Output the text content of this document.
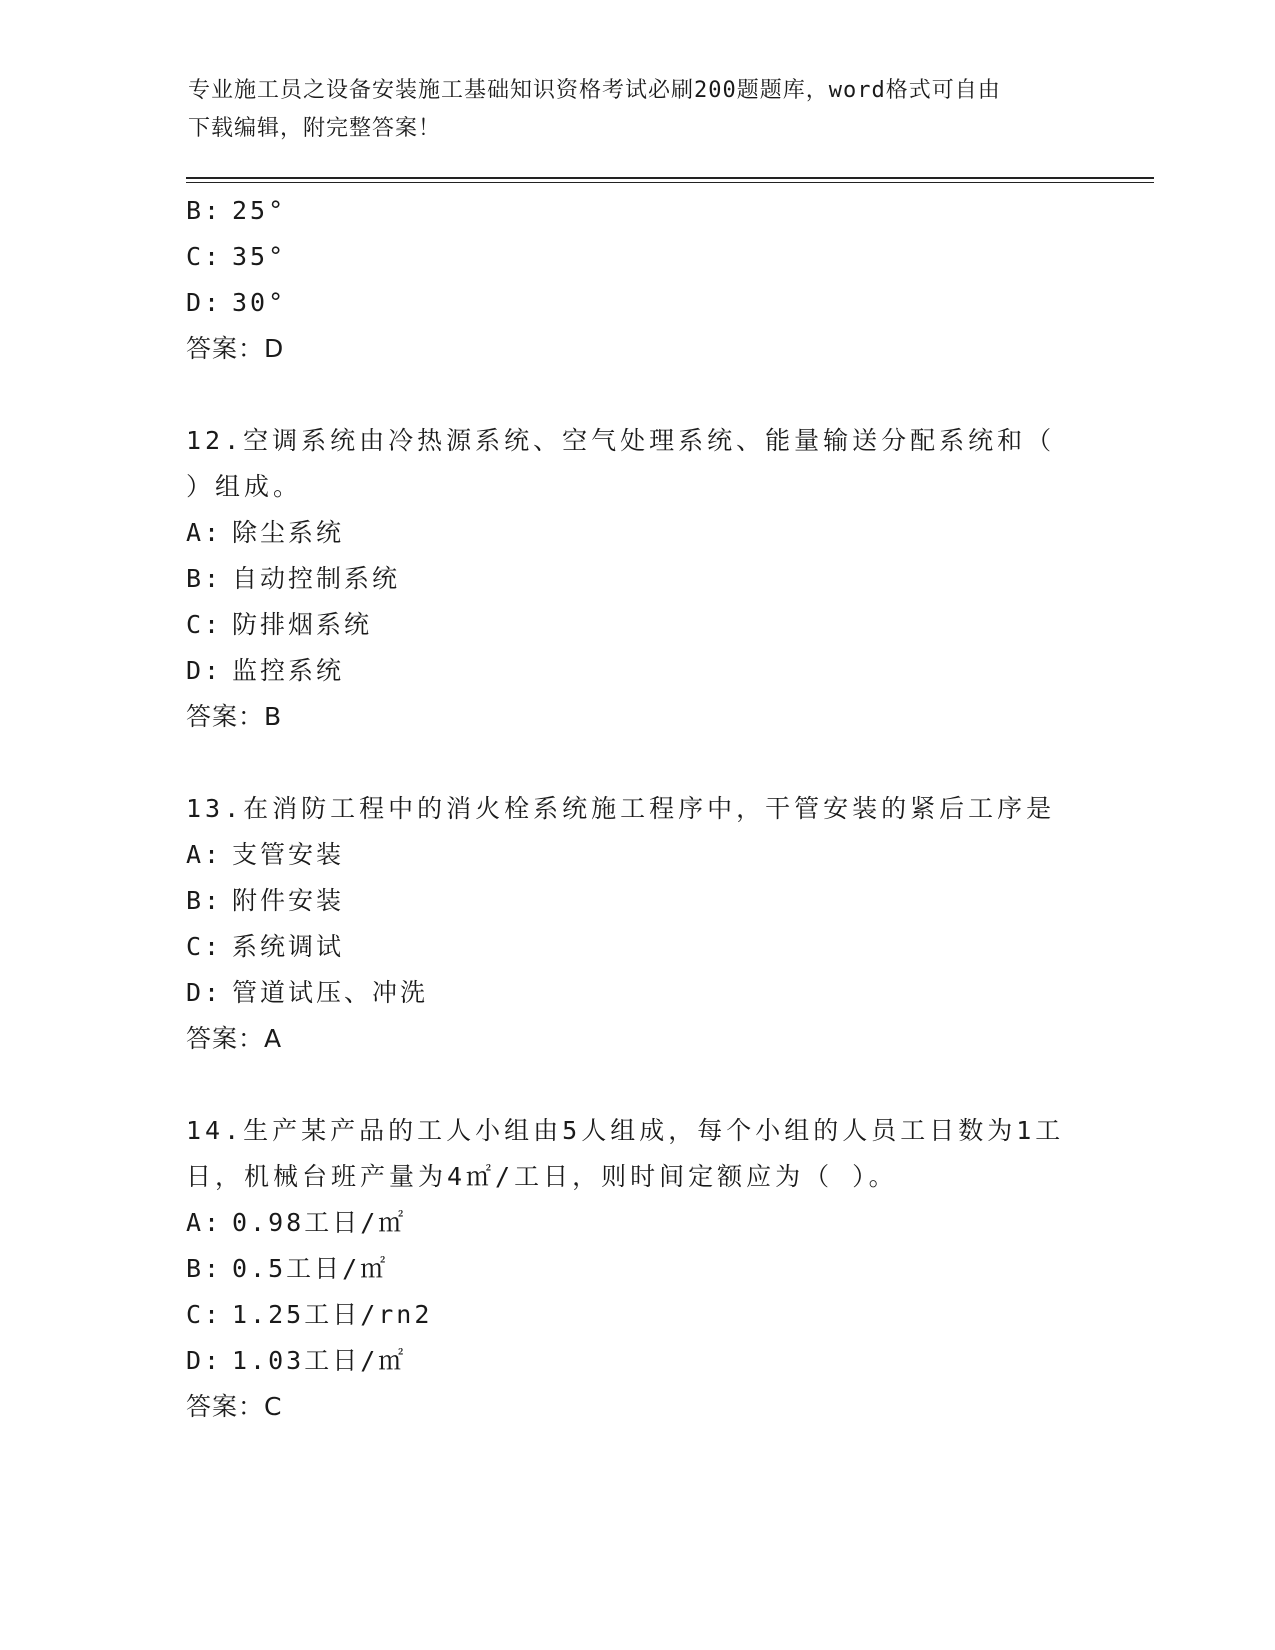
专业施工员之设备安装施工基础知识资格考试必刷200题题库，word格式可自由
下载编辑，附完整答案！
B: 25°
C: 35°
D: 30°
答案：D
12.空调系统由冷热源系统、空气处理系统、能量输送分配系统和（
）组成。
A: 除尘系统
B: 自动控制系统
C: 防排烟系统
D: 监控系统
答案：B
13.在消防工程中的消火栓系统施工程序中，干管安装的紧后工序是
A: 支管安装
B: 附件安装
C: 系统调试
D: 管道试压、冲洗
答案：A
14.生产某产品的工人小组由5人组成，每个小组的人员工日数为1工
日，机械台班产量为4㎡/工日，则时间定额应为（ ）。
A: 0.98工日/㎡
B: 0.5工日/㎡
C: 1.25工日/rn2
D: 1.03工日/㎡
答案：C
